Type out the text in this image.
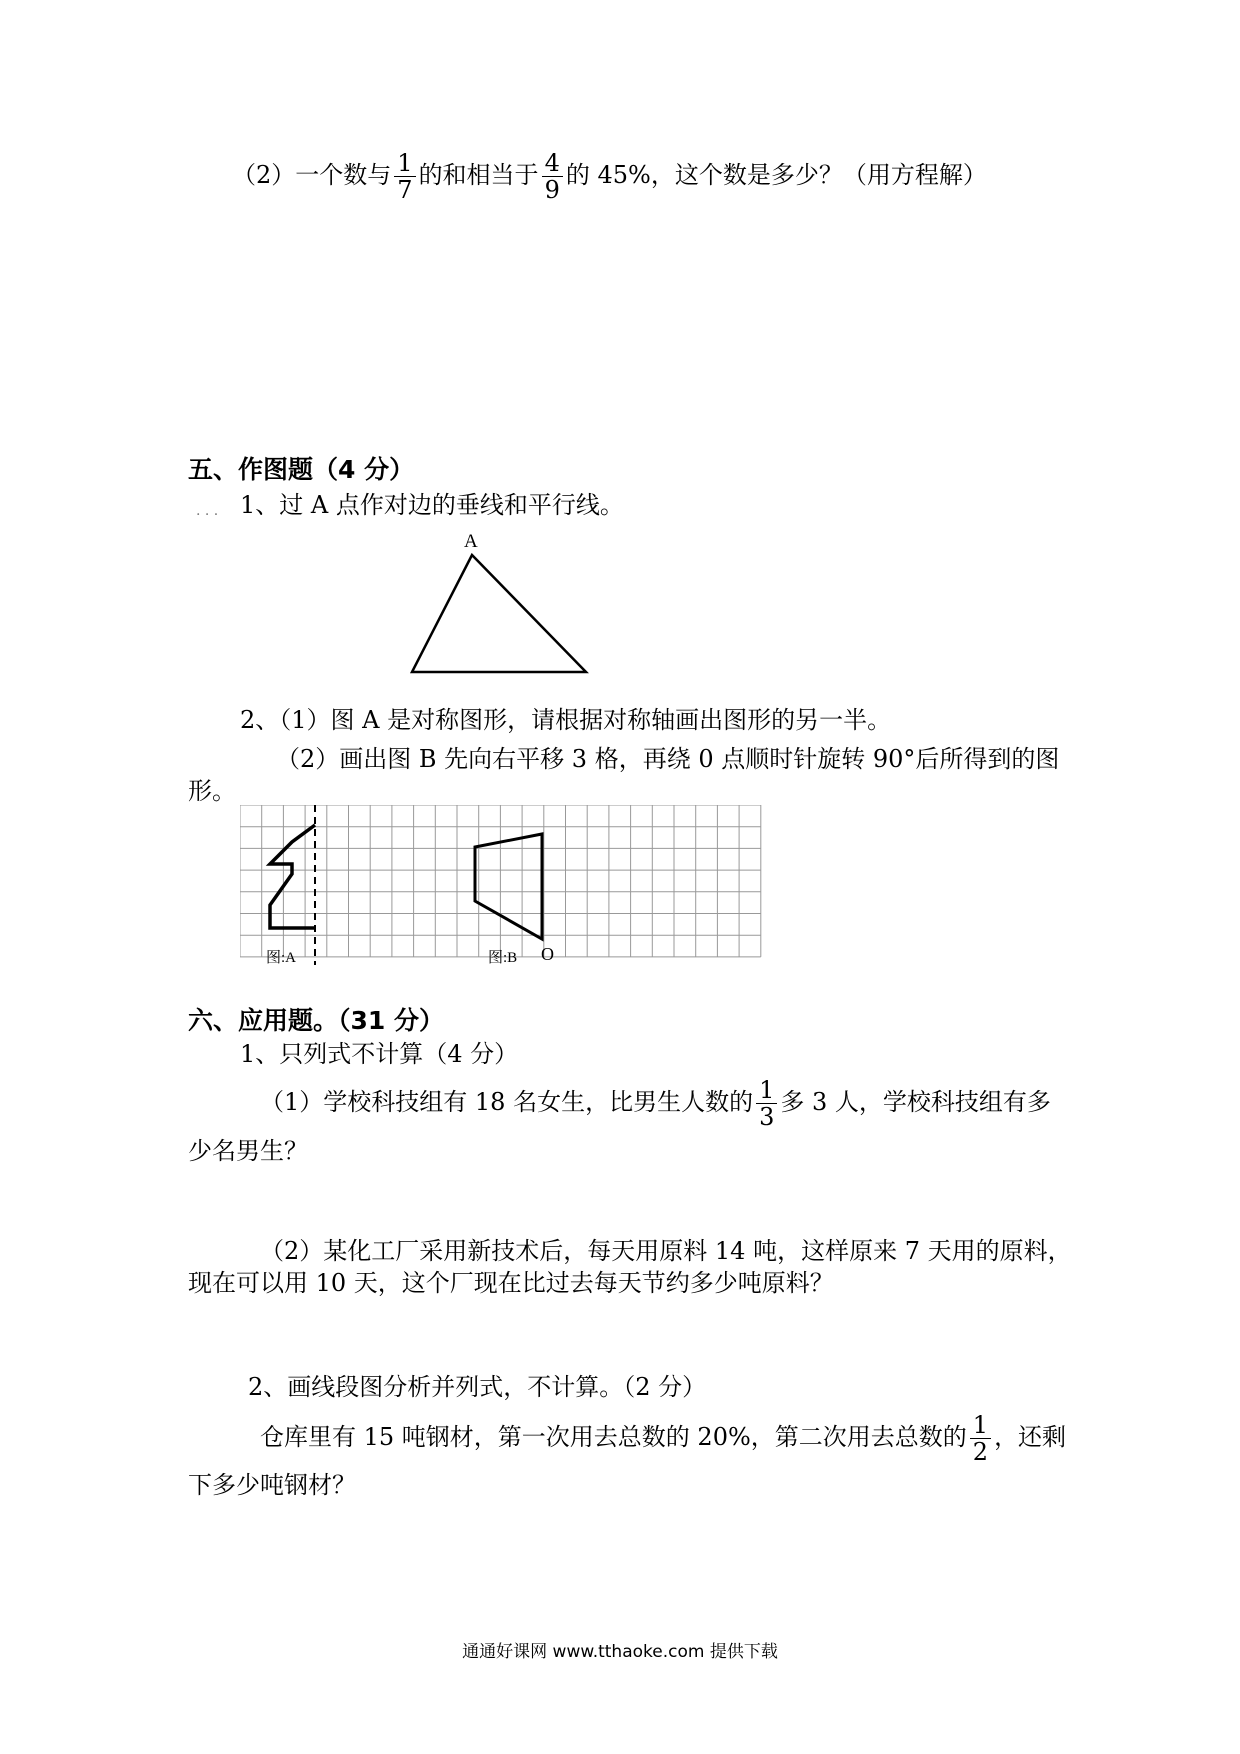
（2）一个数与 $\frac{1}{7}$ 的和相当于 $\frac{4}{9}$ 的 45%，这个数是多少？（用方程解）
五、作图题（4 分）
. . . 1、过 A 点作对边的垂线和平行线。
A
2、（1）图 A 是对称图形，请根据对称轴画出图形的另一半。
（2）画出图 B 先向右平移 3 格，再绕 0 点顺时针旋转 90°后所得到的图
形。
图:A	图:B O
六、应用题。（31 分）
1、只列式不计算（4 分）
（1）学校科技组有 18 名女生，比男生人数的 $\frac{1}{3}$ 多 3 人，学校科技组有多
少名男生？
（2）某化工厂采用新技术后，每天用原料 14 吨，这样原来 7 天用的原料，
现在可以用 10 天，这个厂现在比过去每天节约多少吨原料？
2、画线段图分析并列式，不计算。（2 分）
仓库里有 15 吨钢材，第一次用去总数的 20%，第二次用去总数的 $\frac{1}{2}$ ，还剩
下多少吨钢材？
通通好课网 www.tthaoke.com 提供下载
